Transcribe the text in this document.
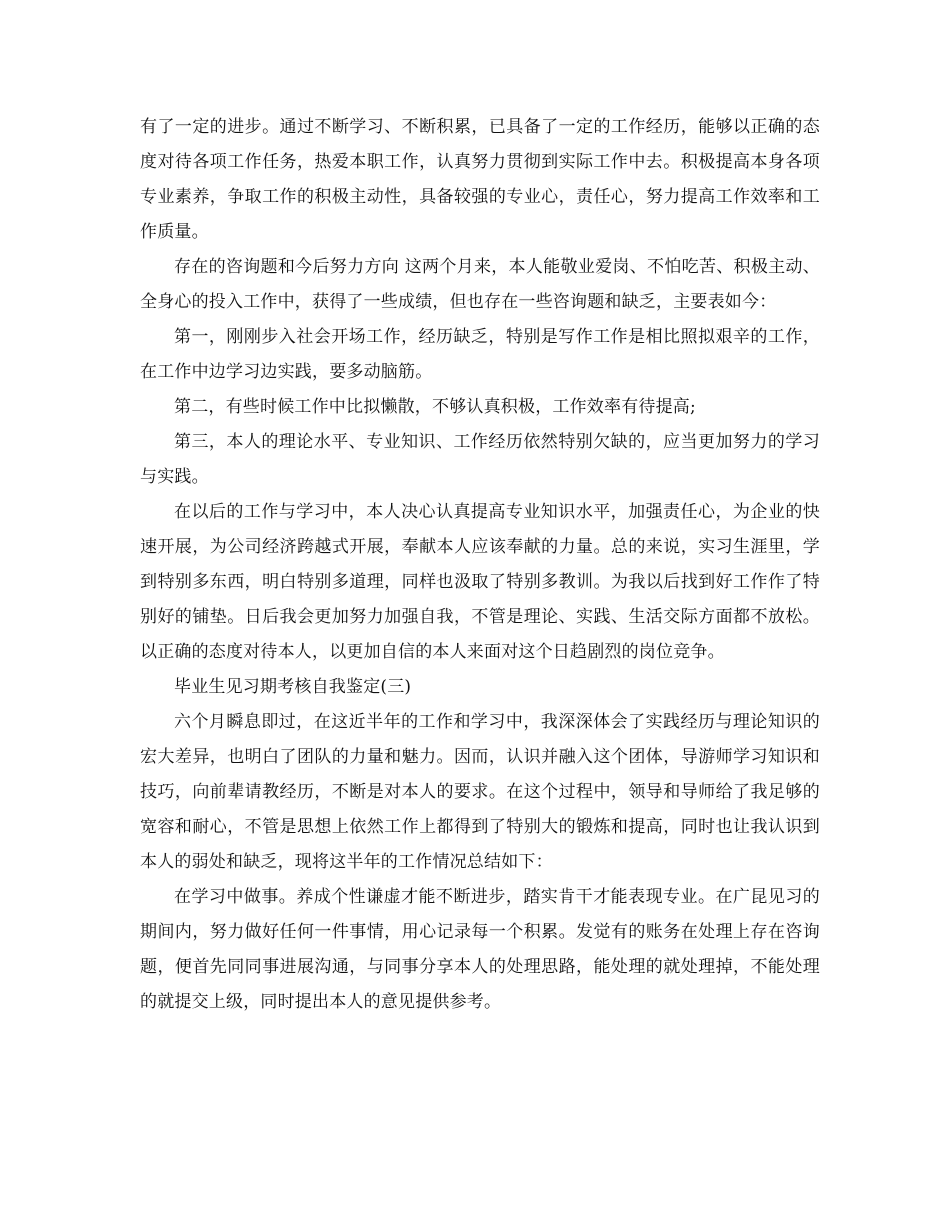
有了一定的进步。通过不断学习、不断积累，已具备了一定的工作经历，能够以正确的态度对待各项工作任务，热爱本职工作，认真努力贯彻到实际工作中去。积极提高本身各项专业素养，争取工作的积极主动性，具备较强的专业心，责任心，努力提高工作效率和工作质量。

存在的咨询题和今后努力方向 这两个月来，本人能敬业爱岗、不怕吃苦、积极主动、全身心的投入工作中，获得了一些成绩，但也存在一些咨询题和缺乏，主要表如今：

第一，刚刚步入社会开场工作，经历缺乏，特别是写作工作是相比照拟艰辛的工作，在工作中边学习边实践，要多动脑筋。

第二，有些时候工作中比拟懒散，不够认真积极，工作效率有待提高;

第三，本人的理论水平、专业知识、工作经历依然特别欠缺的，应当更加努力的学习与实践。

在以后的工作与学习中，本人决心认真提高专业知识水平，加强责任心，为企业的快速开展，为公司经济跨越式开展，奉献本人应该奉献的力量。总的来说，实习生涯里，学到特别多东西，明白特别多道理，同样也汲取了特别多教训。为我以后找到好工作作了特别好的铺垫。日后我会更加努力加强自我，不管是理论、实践、生活交际方面都不放松。以正确的态度对待本人，以更加自信的本人来面对这个日趋剧烈的岗位竞争。

毕业生见习期考核自我鉴定(三)

六个月瞬息即过，在这近半年的工作和学习中，我深深体会了实践经历与理论知识的宏大差异，也明白了团队的力量和魅力。因而，认识并融入这个团体，导游师学习知识和技巧，向前辈请教经历，不断是对本人的要求。在这个过程中，领导和导师给了我足够的宽容和耐心，不管是思想上依然工作上都得到了特别大的锻炼和提高，同时也让我认识到本人的弱处和缺乏，现将这半年的工作情况总结如下：

在学习中做事。养成个性谦虚才能不断进步，踏实肯干才能表现专业。在广昆见习的期间内，努力做好任何一件事情，用心记录每一个积累。发觉有的账务在处理上存在咨询题，便首先同同事进展沟通，与同事分享本人的处理思路，能处理的就处理掉，不能处理的就提交上级，同时提出本人的意见提供参考。
